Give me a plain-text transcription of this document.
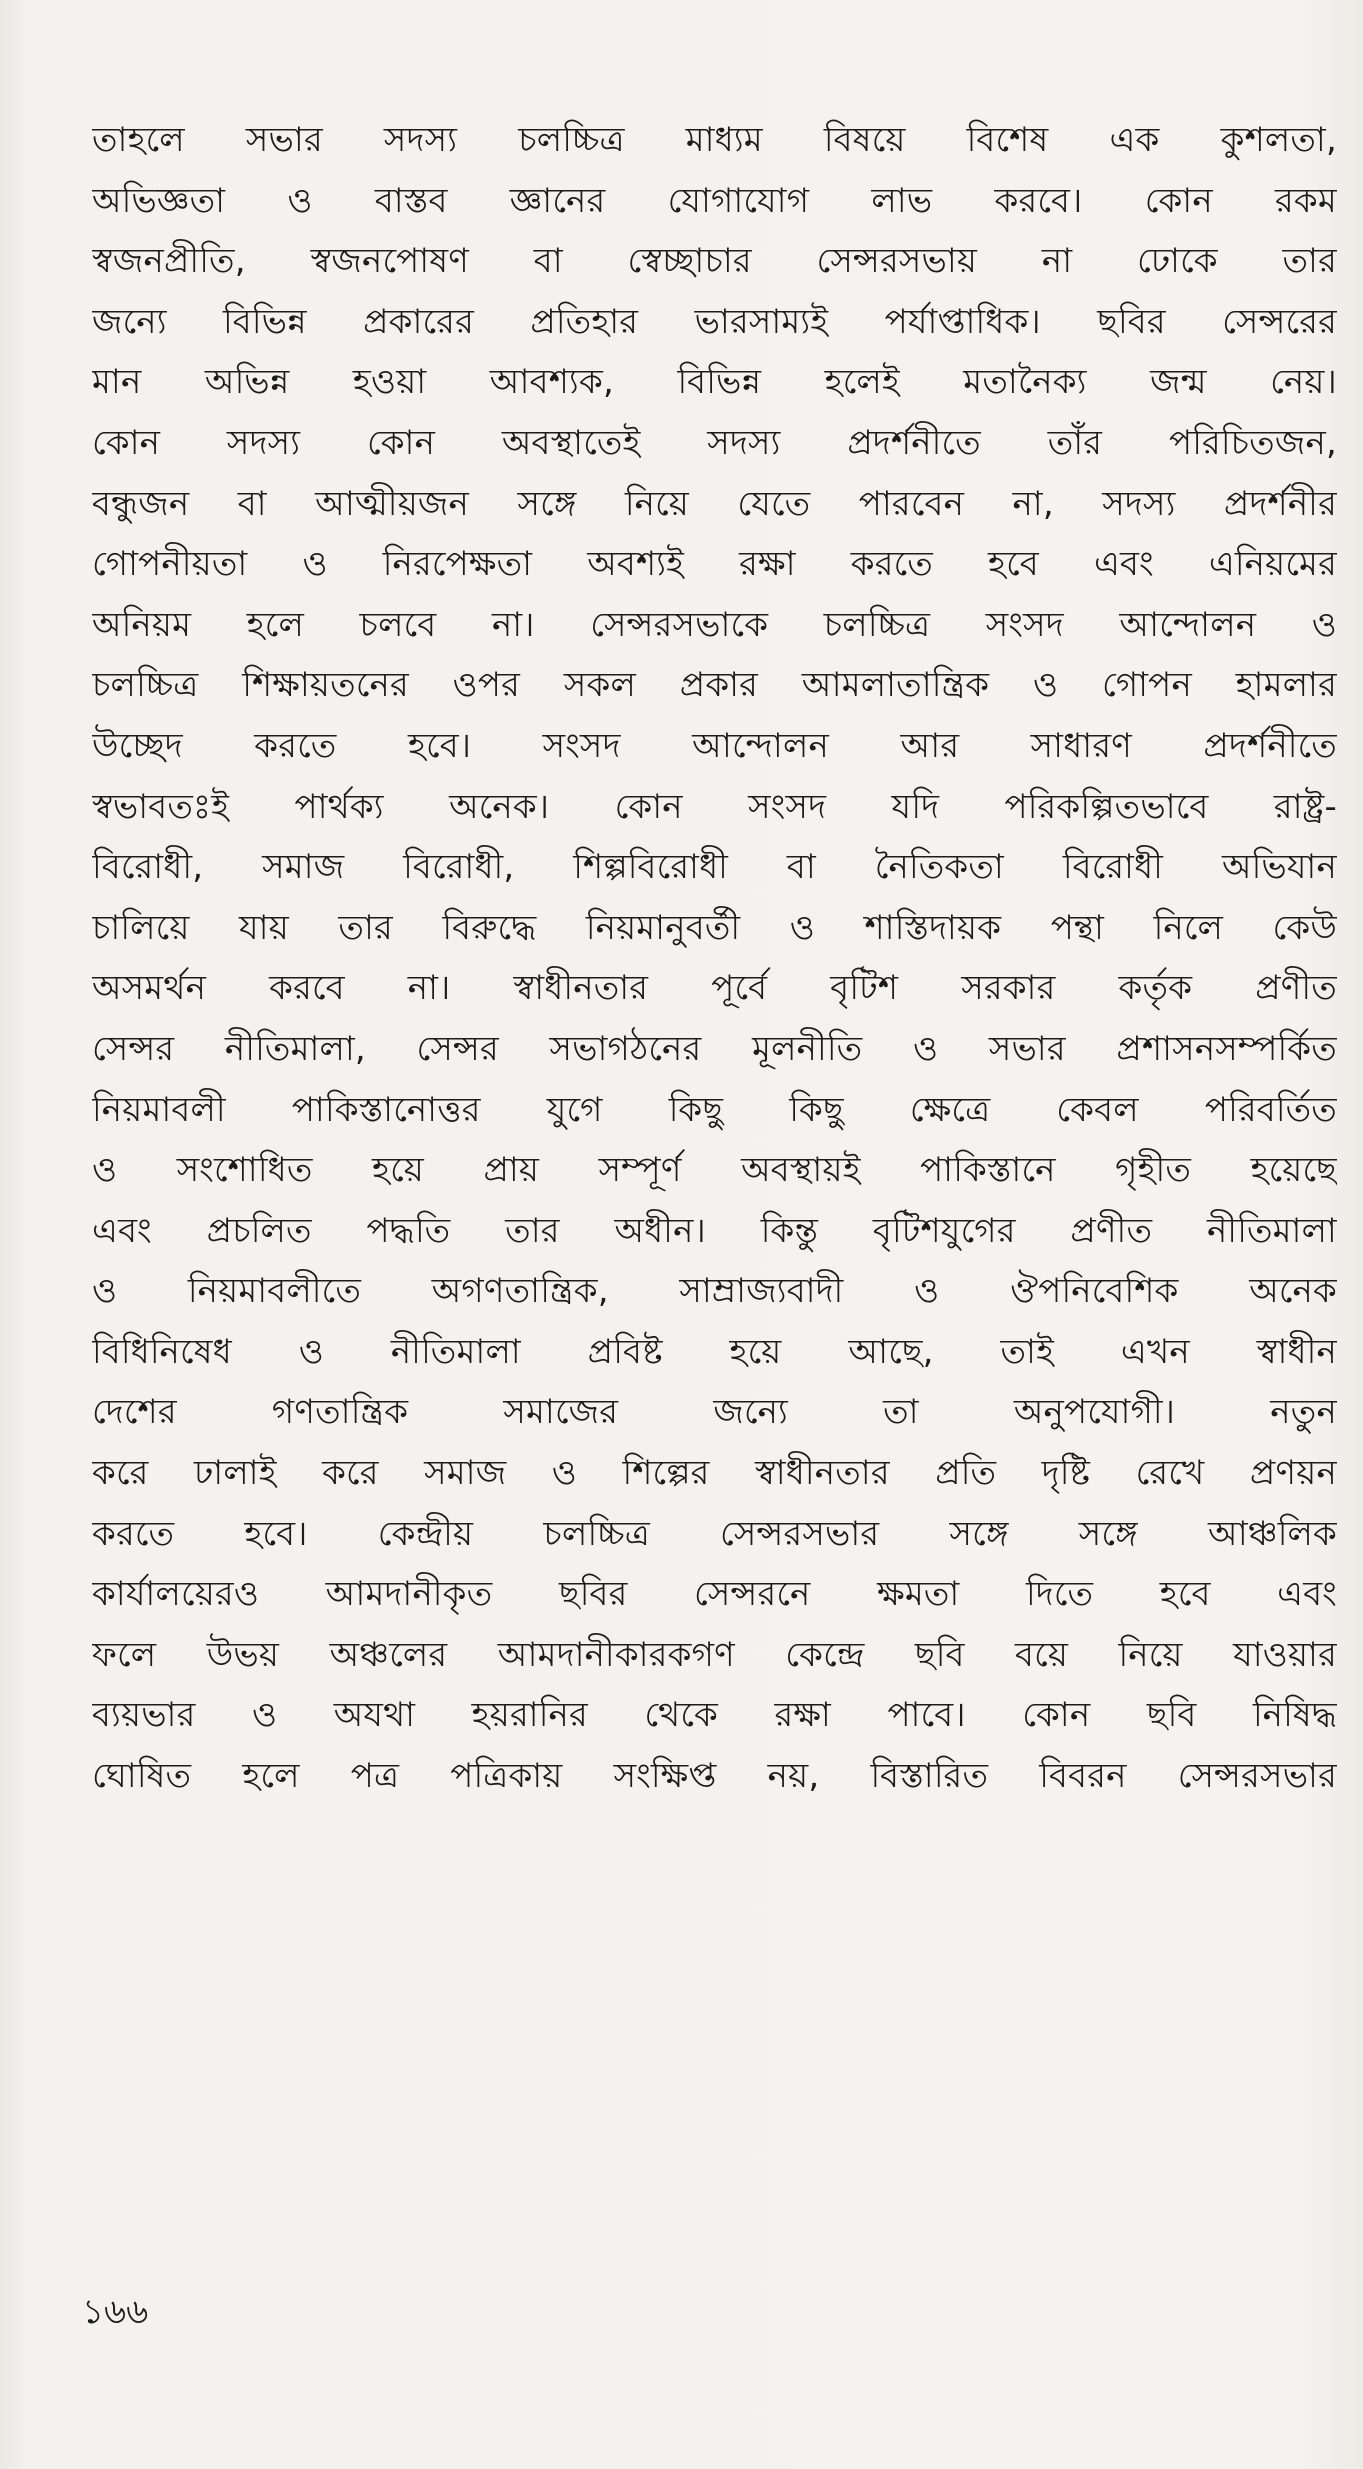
তাহলে সভার সদস্য চলচ্চিত্র মাধ্যম বিষয়ে বিশেষ এক কুশলতা,
অভিজ্ঞতা ও বাস্তব জ্ঞানের যোগাযোগ লাভ করবে। কোন রকম
স্বজনপ্রীতি, স্বজনপোষণ বা স্বেচ্ছাচার সেন্সরসভায় না ঢোকে তার
জন্যে বিভিন্ন প্রকারের প্রতিহার ভারসাম্যই পর্যাপ্তাধিক। ছবির সেন্সরের
মান অভিন্ন হওয়া আবশ্যক, বিভিন্ন হলেই মতানৈক্য জন্ম নেয়।
কোন সদস্য কোন অবস্থাতেই সদস্য প্রদর্শনীতে তাঁর পরিচিতজন,
বন্ধুজন বা আত্মীয়জন সঙ্গে নিয়ে যেতে পারবেন না, সদস্য প্রদর্শনীর
গোপনীয়তা ও নিরপেক্ষতা অবশ্যই রক্ষা করতে হবে এবং এনিয়মের
অনিয়ম হলে চলবে না। সেন্সরসভাকে চলচ্চিত্র সংসদ আন্দোলন ও
চলচ্চিত্র শিক্ষায়তনের ওপর সকল প্রকার আমলাতান্ত্রিক ও গোপন হামলার
উচ্ছেদ করতে হবে। সংসদ আন্দোলন আর সাধারণ প্রদর্শনীতে
স্বভাবতঃই পার্থক্য অনেক। কোন সংসদ যদি পরিকল্পিতভাবে রাষ্ট্র-
বিরোধী, সমাজ বিরোধী, শিল্পবিরোধী বা নৈতিকতা বিরোধী অভিযান
চালিয়ে যায় তার বিরুদ্ধে নিয়মানুবর্তী ও শাস্তিদায়ক পন্থা নিলে কেউ
অসমর্থন করবে না। স্বাধীনতার পূর্বে বৃটিশ সরকার কর্তৃক প্রণীত
সেন্সর নীতিমালা, সেন্সর সভাগঠনের মূলনীতি ও সভার প্রশাসনসম্পর্কিত
নিয়মাবলী পাকিস্তানোত্তর যুগে কিছু কিছু ক্ষেত্রে কেবল পরিবর্তিত
ও সংশোধিত হয়ে প্রায় সম্পূর্ণ অবস্থায়ই পাকিস্তানে গৃহীত হয়েছে
এবং প্রচলিত পদ্ধতি তার অধীন। কিন্তু বৃটিশযুগের প্রণীত নীতিমালা
ও নিয়মাবলীতে অগণতান্ত্রিক, সাম্রাজ্যবাদী ও ঔপনিবেশিক অনেক
বিধিনিষেধ ও নীতিমালা প্রবিষ্ট হয়ে আছে, তাই এখন স্বাধীন
দেশের গণতান্ত্রিক সমাজের জন্যে তা অনুপযোগী। নতুন
করে ঢালাই করে সমাজ ও শিল্পের স্বাধীনতার প্রতি দৃষ্টি রেখে প্রণয়ন
করতে হবে। কেন্দ্রীয় চলচ্চিত্র সেন্সরসভার সঙ্গে সঙ্গে আঞ্চলিক
কার্যালয়েরও আমদানীকৃত ছবির সেন্সরনে ক্ষমতা দিতে হবে এবং
ফলে উভয় অঞ্চলের আমদানীকারকগণ কেন্দ্রে ছবি বয়ে নিয়ে যাওয়ার
ব্যয়ভার ও অযথা হয়রানির থেকে রক্ষা পাবে। কোন ছবি নিষিদ্ধ
ঘোষিত হলে পত্র পত্রিকায় সংক্ষিপ্ত নয়, বিস্তারিত বিবরন সেন্সরসভার
১৬৬
